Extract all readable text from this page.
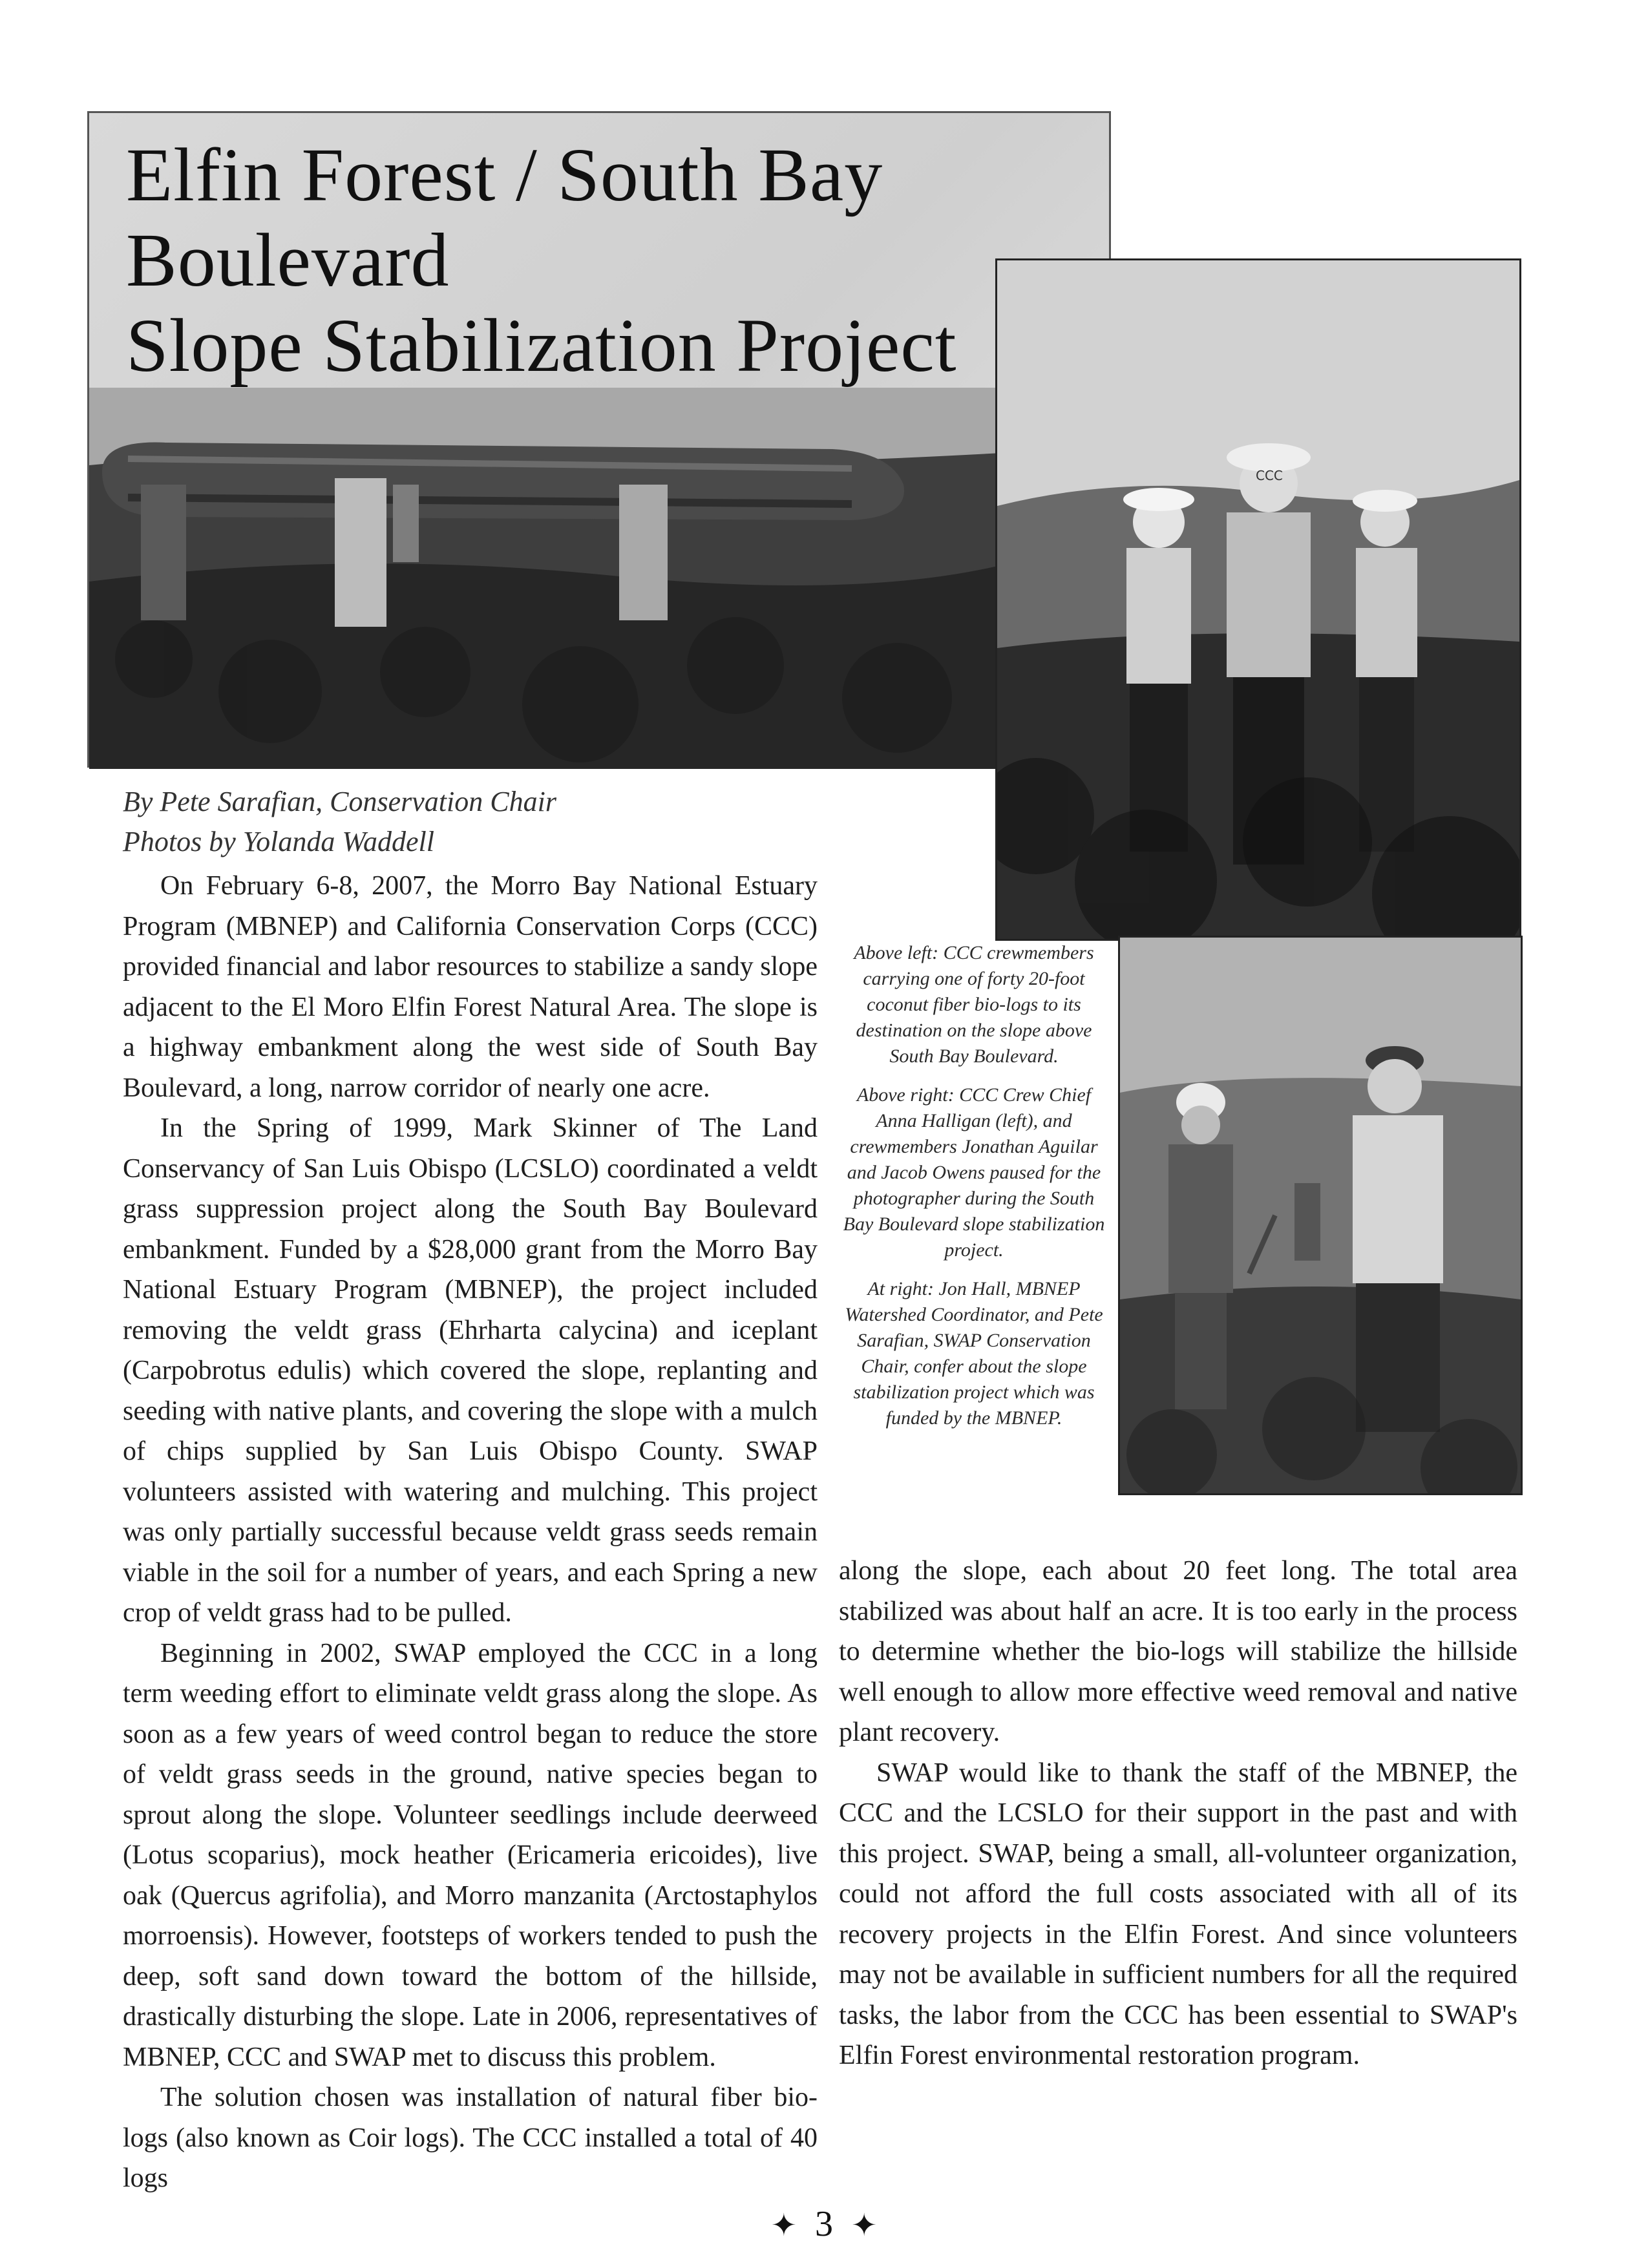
Elfin Forest / South Bay Boulevard
Slope Stabilization Project
CCC
By Pete Sarafian, Conservation Chair
Photos by Yolanda Waddell

On February 6-8, 2007, the Morro Bay National Estuary Program (MBNEP) and California Conservation Corps (CCC) provided financial and labor resources to stabilize a sandy slope adjacent to the El Moro Elfin Forest Natural Area. The slope is a highway embankment along the west side of South Bay Boulevard, a long, narrow corridor of nearly one acre.

In the Spring of 1999, Mark Skinner of The Land Conservancy of San Luis Obispo (LCSLO) coordinated a veldt grass suppression project along the South Bay Boulevard embankment. Funded by a $28,000 grant from the Morro Bay National Estuary Program (MBNEP), the project included removing the veldt grass (Ehrharta calycina) and iceplant (Carpobrotus edulis) which covered the slope, replanting and seeding with native plants, and covering the slope with a mulch of chips supplied by San Luis Obispo County. SWAP volunteers assisted with watering and mulching. This project was only partially successful because veldt grass seeds remain viable in the soil for a number of years, and each Spring a new crop of veldt grass had to be pulled.

Beginning in 2002, SWAP employed the CCC in a long term weeding effort to eliminate veldt grass along the slope. As soon as a few years of weed control began to reduce the store of veldt grass seeds in the ground, native species began to sprout along the slope. Volunteer seedlings include deerweed (Lotus scoparius), mock heather (Ericameria ericoides), live oak (Quercus agrifolia), and Morro manzanita (Arctostaphylos morroensis). However, footsteps of workers tended to push the deep, soft sand down toward the bottom of the hillside, drastically disturbing the slope. Late in 2006, representatives of MBNEP, CCC and SWAP met to discuss this problem.

The solution chosen was installation of natural fiber bio-logs (also known as Coir logs). The CCC installed a total of 40 logs

Above left: CCC crewmembers carrying one of forty 20-foot coconut fiber bio-logs to its destination on the slope above South Bay Boulevard.

Above right: CCC Crew Chief Anna Halligan (left), and crewmembers Jonathan Aguilar and Jacob Owens paused for the photographer during the South Bay Boulevard slope stabilization project.

At right: Jon Hall, MBNEP Watershed Coordinator, and Pete Sarafian, SWAP Conservation Chair, confer about the slope stabilization project which was funded by the MBNEP.

along the slope, each about 20 feet long. The total area stabilized was about half an acre. It is too early in the process to determine whether the bio-logs will stabilize the hillside well enough to allow more effective weed removal and native plant recovery.

SWAP would like to thank the staff of the MBNEP, the CCC and the LCSLO for their support in the past and with this project. SWAP, being a small, all-volunteer organization, could not afford the full costs associated with all of its recovery projects in the Elfin Forest. And since volunteers may not be available in sufficient numbers for all the required tasks, the labor from the CCC has been essential to SWAP's Elfin Forest environmental restoration program.

✦ 3 ✦
